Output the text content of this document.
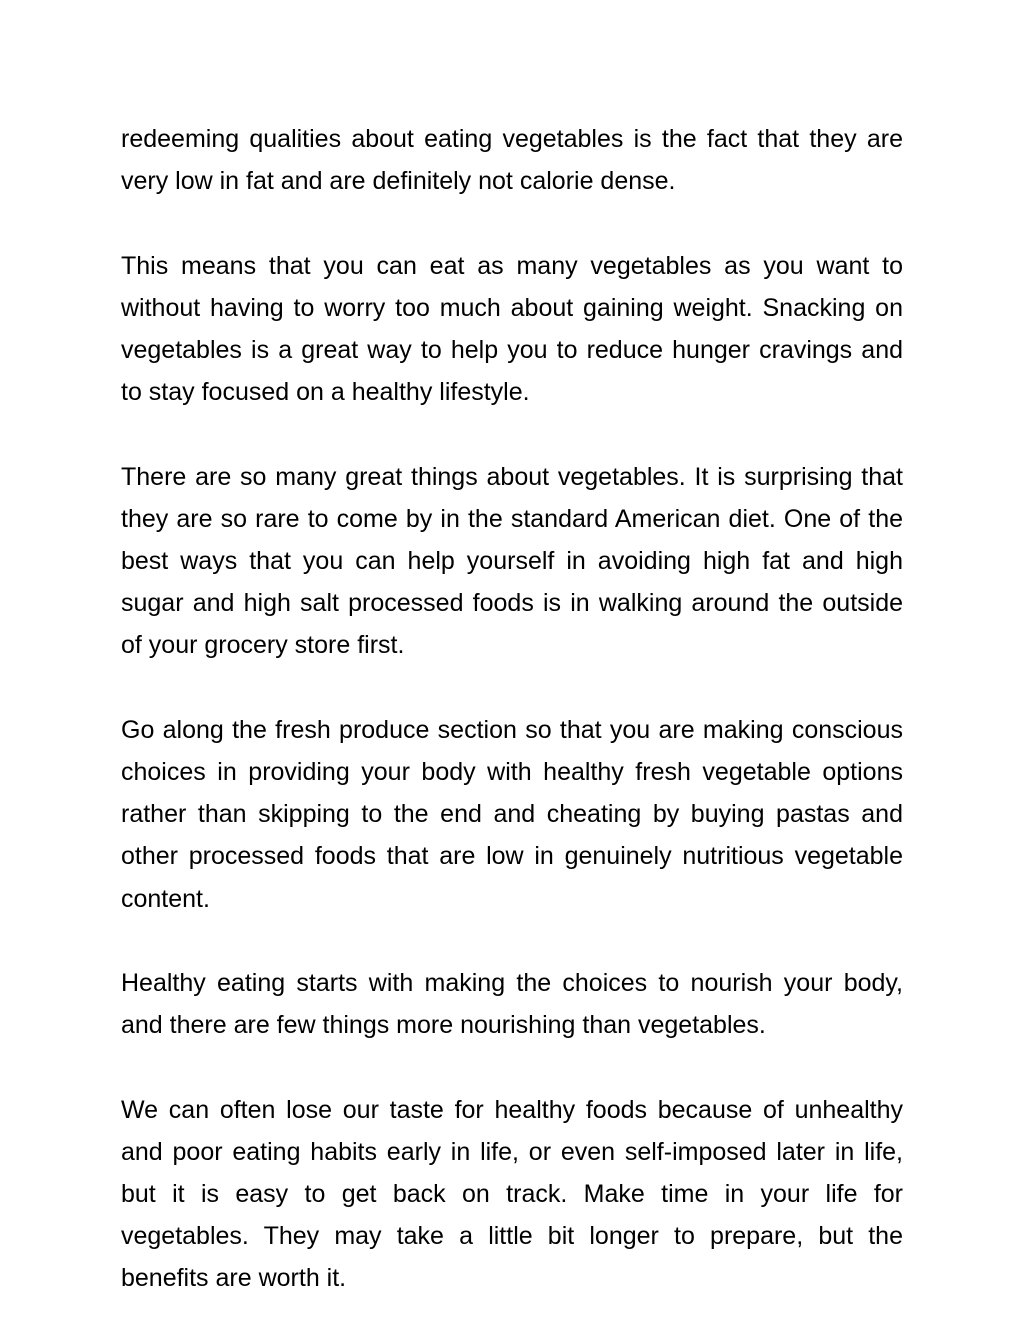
redeeming qualities about eating vegetables is the fact that they are very low in fat and are definitely not calorie dense.

This means that you can eat as many vegetables as you want to without having to worry too much about gaining weight. Snacking on vegetables is a great way to help you to reduce hunger cravings and to stay focused on a healthy lifestyle.

There are so many great things about vegetables. It is surprising that they are so rare to come by in the standard American diet. One of the best ways that you can help yourself in avoiding high fat and high sugar and high salt processed foods is in walking around the outside of your grocery store first.

Go along the fresh produce section so that you are making conscious choices in providing your body with healthy fresh vegetable options rather than skipping to the end and cheating by buying pastas and other processed foods that are low in genuinely nutritious vegetable content.

Healthy eating starts with making the choices to nourish your body, and there are few things more nourishing than vegetables.

We can often lose our taste for healthy foods because of unhealthy and poor eating habits early in life, or even self-imposed later in life, but it is easy to get back on track. Make time in your life for vegetables. They may take a little bit longer to prepare, but the benefits are worth it.
